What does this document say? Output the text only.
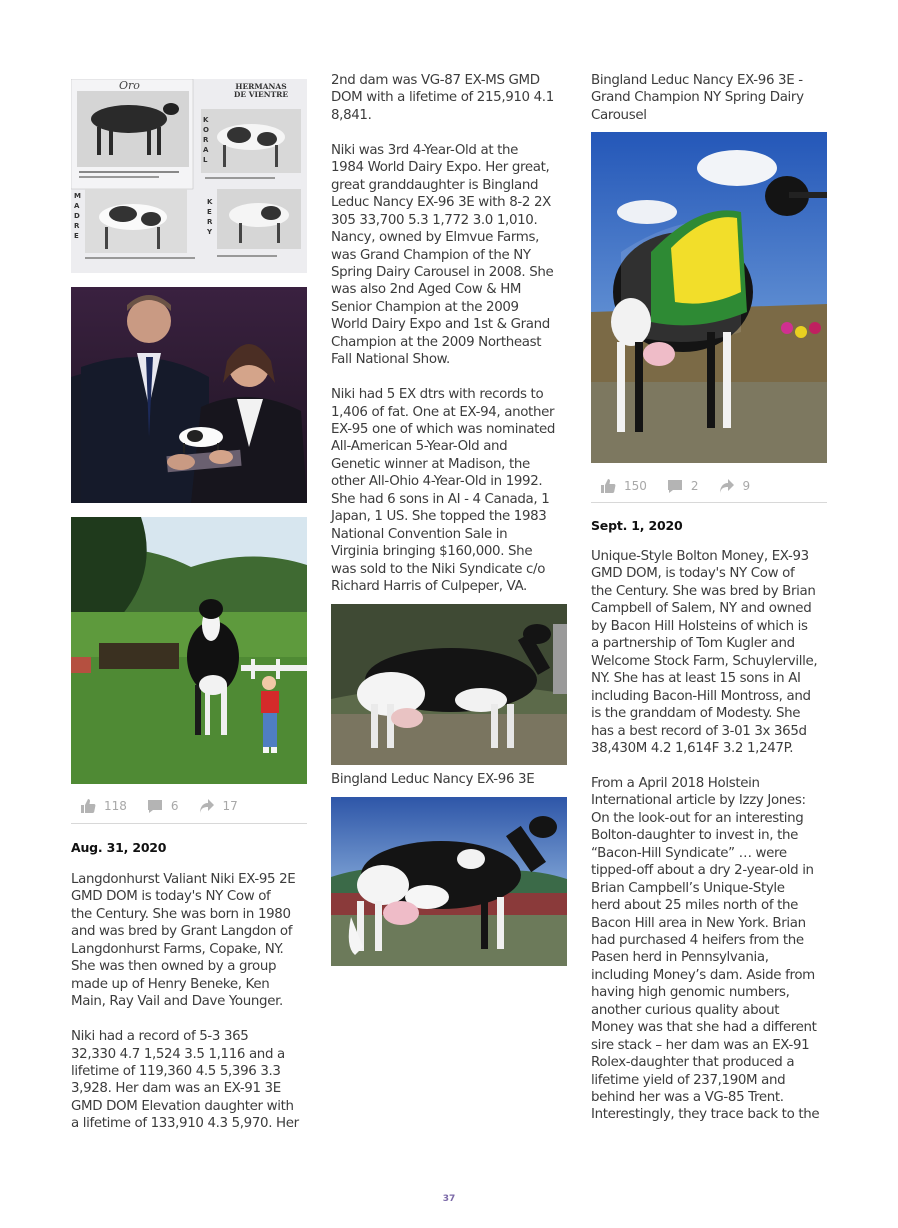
Oro	HERMANAS
DE VIENTRE
MADRE
KORAL
KERY
118	6	17
Aug. 31, 2020

Langdonhurst Valiant Niki EX-95 2E
GMD DOM is today's NY Cow of
the Century. She was born in 1980
and was bred by Grant Langdon of
Langdonhurst Farms, Copake, NY.
She was then owned by a group
made up of Henry Beneke, Ken
Main, Ray Vail and Dave Younger.

Niki had a record of 5-3 365
32,330 4.7 1,524 3.5 1,116 and a
lifetime of 119,360 4.5 5,396 3.3
3,928. Her dam was an EX-91 3E
GMD DOM Elevation daughter with
a lifetime of 133,910 4.3 5,970. Her

2nd dam was VG-87 EX-MS GMD
DOM with a lifetime of 215,910 4.1
8,841.

Niki was 3rd 4-Year-Old at the
1984 World Dairy Expo. Her great,
great granddaughter is Bingland
Leduc Nancy EX-96 3E with 8-2 2X
305 33,700 5.3 1,772 3.0 1,010.
Nancy, owned by Elmvue Farms,
was Grand Champion of the NY
Spring Dairy Carousel in 2008. She
was also 2nd Aged Cow & HM
Senior Champion at the 2009
World Dairy Expo and 1st & Grand
Champion at the 2009 Northeast
Fall National Show.

Niki had 5 EX dtrs with records to
1,406 of fat. One at EX-94, another
EX-95 one of which was nominated
All-American 5-Year-Old and
Genetic winner at Madison, the
other All-Ohio 4-Year-Old in 1992.
She had 6 sons in AI - 4 Canada, 1
Japan, 1 US. She topped the 1983
National Convention Sale in
Virginia bringing $160,000. She
was sold to the Niki Syndicate c/o
Richard Harris of Culpeper, VA.

Bingland Leduc Nancy EX-96 3E
Bingland Leduc Nancy EX-96 3E -
Grand Champion NY Spring Dairy
Carousel
150	2	9
Sept. 1, 2020

Unique-Style Bolton Money, EX-93
GMD DOM, is today's NY Cow of
the Century. She was bred by Brian
Campbell of Salem, NY and owned
by Bacon Hill Holsteins of which is
a partnership of Tom Kugler and
Welcome Stock Farm, Schuylerville,
NY. She has at least 15 sons in AI
including Bacon-Hill Montross, and
is the granddam of Modesty. She
has a best record of 3-01 3x 365d
38,430M 4.2 1,614F 3.2 1,247P.

From a April 2018 Holstein
International article by Izzy Jones:
On the look-out for an interesting
Bolton-daughter to invest in, the
“Bacon-Hill Syndicate” … were
tipped-off about a dry 2-year-old in
Brian Campbell’s Unique-Style
herd about 25 miles north of the
Bacon Hill area in New York. Brian
had purchased 4 heifers from the
Pasen herd in Pennsylvania,
including Money’s dam. Aside from
having high genomic numbers,
another curious quality about
Money was that she had a different
sire stack – her dam was an EX-91
Rolex-daughter that produced a
lifetime yield of 237,190M and
behind her was a VG-85 Trent.
Interestingly, they trace back to the

37
